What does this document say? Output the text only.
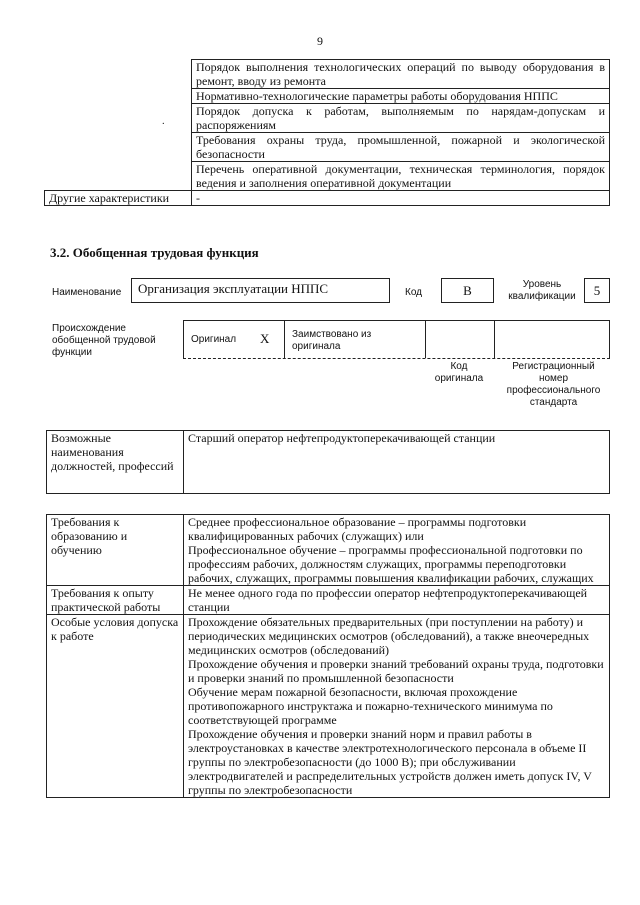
9
·	Порядок выполнения технологических операций по выводу оборудования в ремонт, вводу из ремонта
	Нормативно-технологические параметры работы оборудования НППС
	Порядок допуска к работам, выполняемым по нарядам-допускам и распоряжениям
	Требования охраны труда, промышленной, пожарной и экологической безопасности
	Перечень оперативной документации, техническая терминология, порядок ведения и заполнения оперативной документации
Другие характеристики	-
3.2. Обобщенная трудовая функция
Наименование	Организация эксплуатации НППС	Код	B	Уровень квалификации	5
Происхождение обобщенной трудовой функции
Оригинал X Заимствовано из оригинала
Код оригинала
Регистрационный номер профессионального стандарта
Возможные наименования должностей, профессий	Старший оператор нефтепродуктоперекачивающей станции
Требования к образованию и обучению	Среднее профессиональное образование – программы подготовки квалифицированных рабочих (служащих) или
Профессиональное обучение – программы профессиональной подготовки по профессиям рабочих, должностям служащих, программы переподготовки рабочих, служащих, программы повышения квалификации рабочих, служащих

Требования к опыту практической работы	Не менее одного года по профессии оператор нефтепродуктоперекачивающей станции

Особые условия допуска к работе	Прохождение обязательных предварительных (при поступлении на работу) и периодических медицинских осмотров (обследований), а также внеочередных медицинских осмотров (обследований)
Прохождение обучения и проверки знаний требований охраны труда, подготовки и проверки знаний по промышленной безопасности
Обучение мерам пожарной безопасности, включая прохождение противопожарного инструктажа и пожарно-технического минимума по соответствующей программе
Прохождение обучения и проверки знаний норм и правил работы в электроустановках в качестве электротехнологического персонала в объеме II группы по электробезопасности (до 1000 В); при обслуживании электродвигателей и распределительных устройств должен иметь допуск IV, V группы по электробезопасности
